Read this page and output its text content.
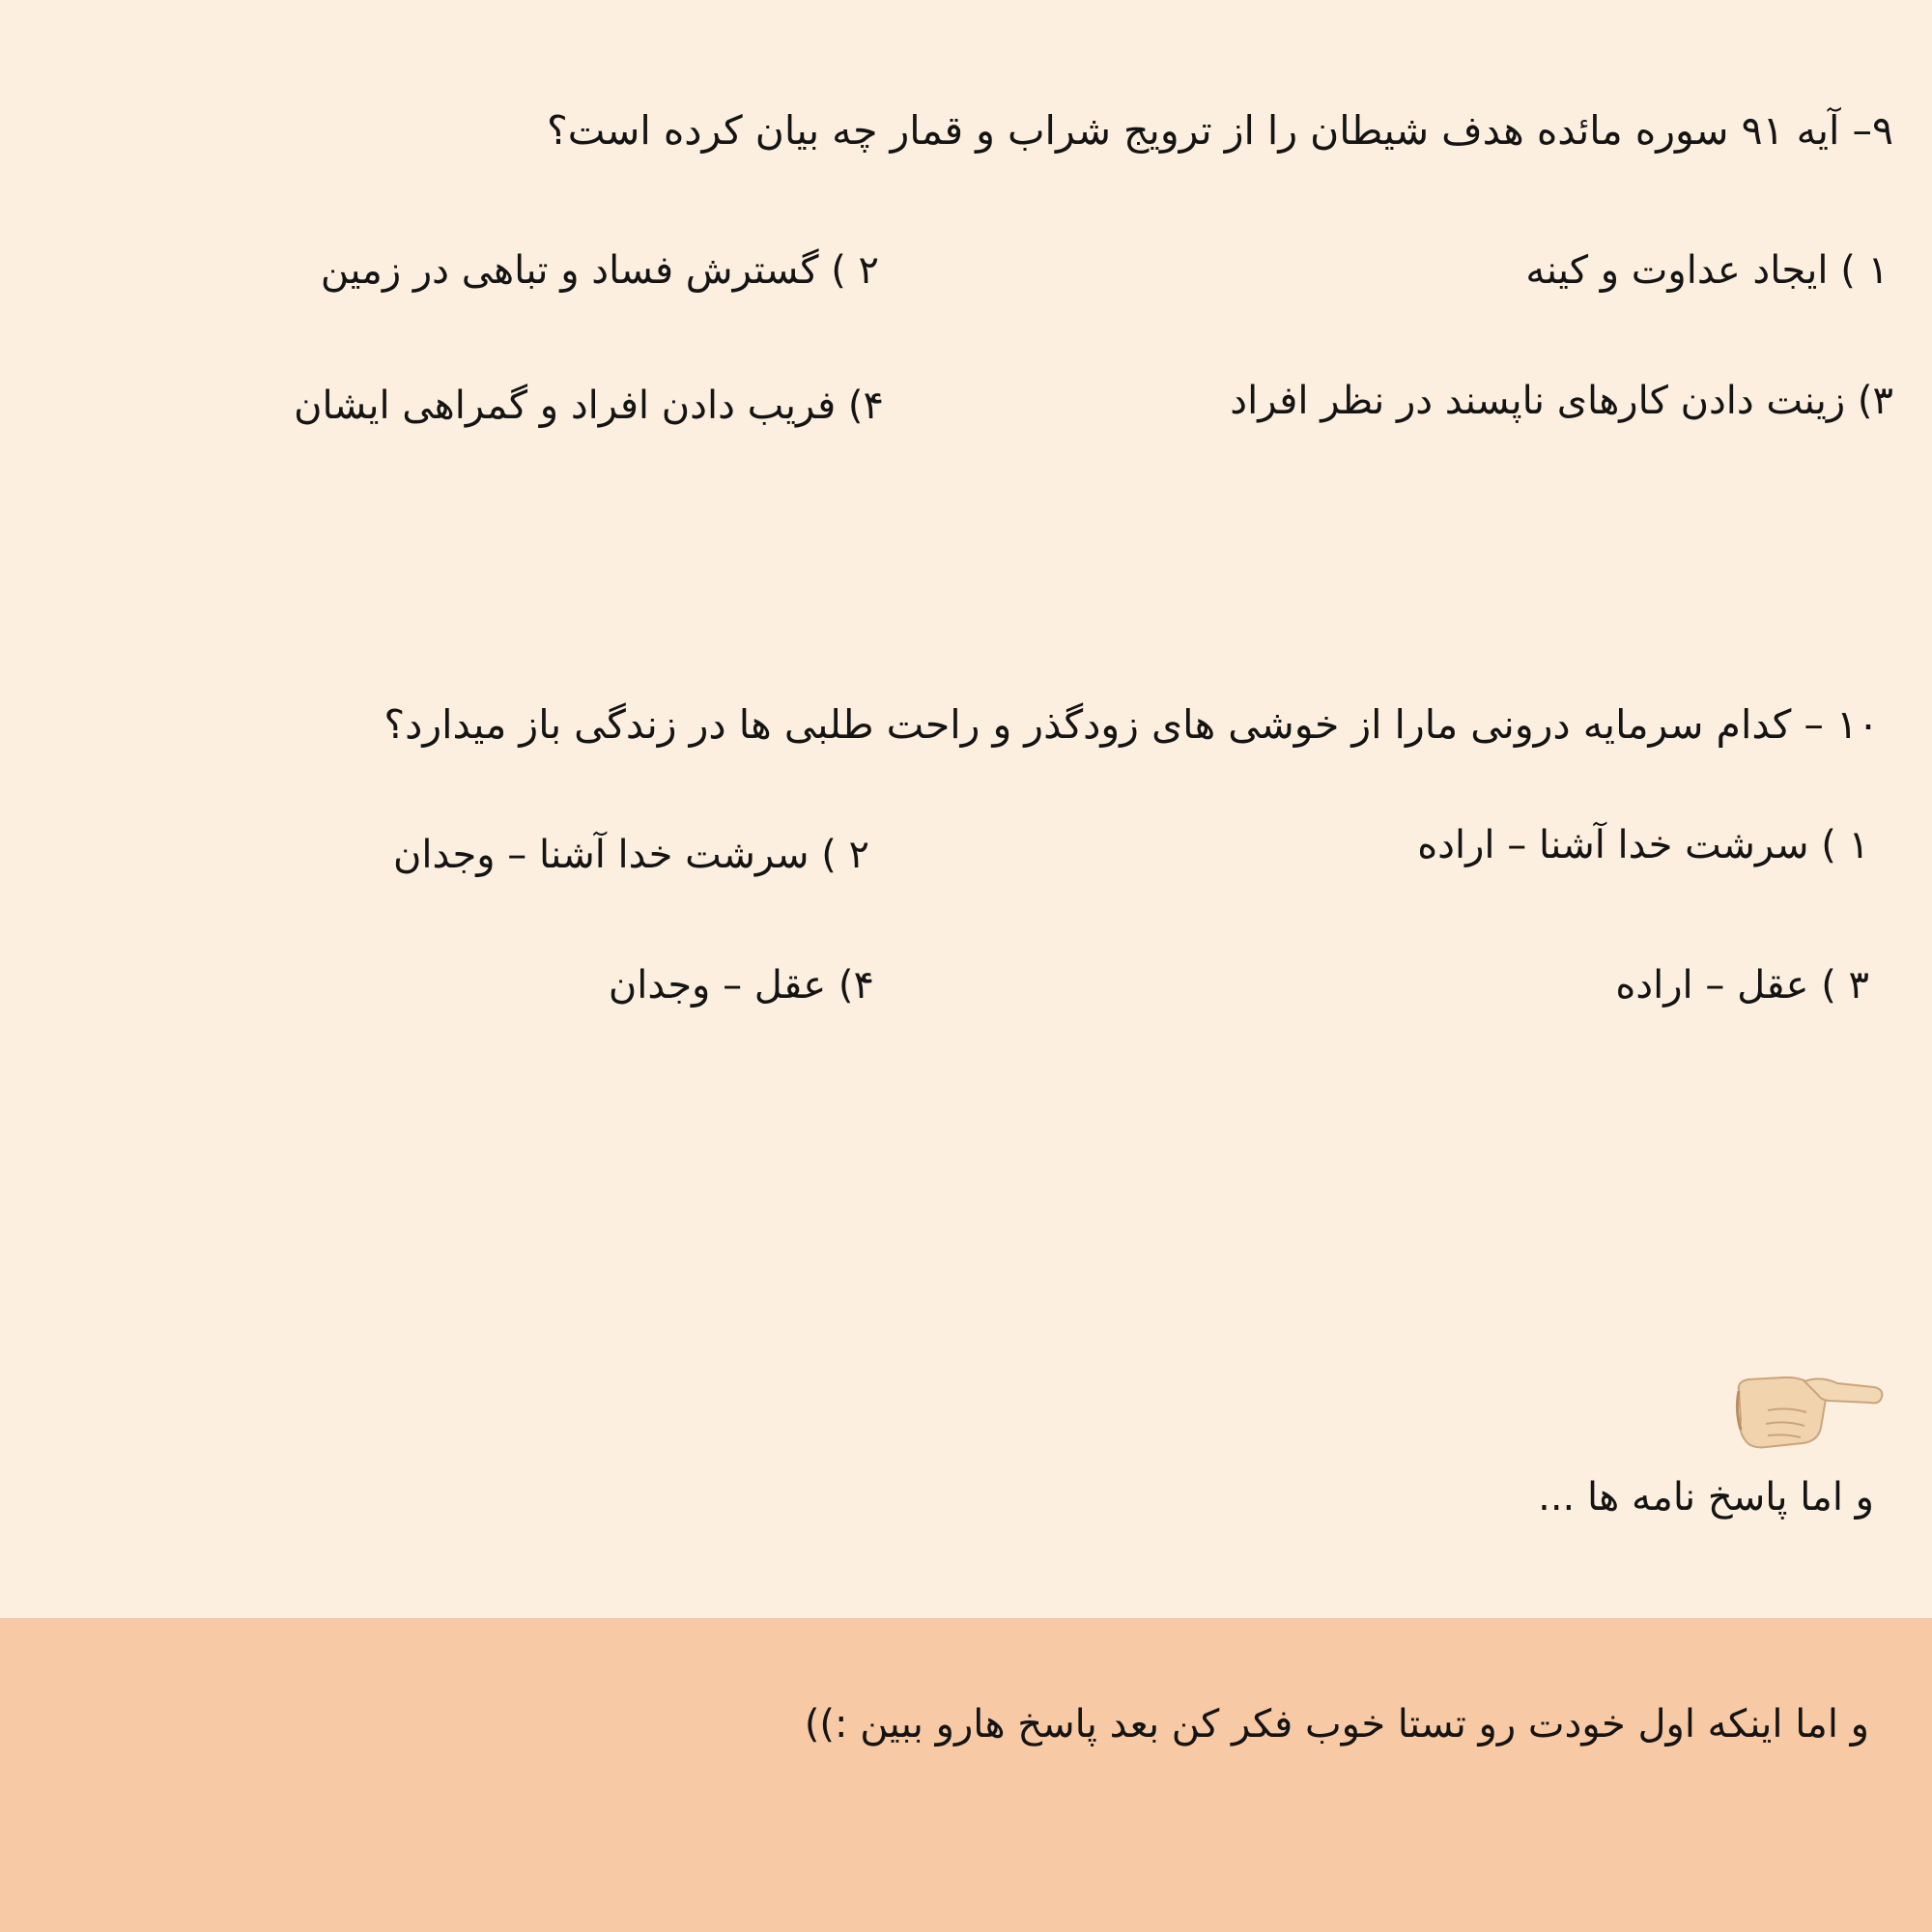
۹– آیه ۹۱ سوره مائده هدف شیطان را از ترویج شراب و قمار چه بیان کرده است؟
۱ ) ایجاد عداوت و کینه
۲ ) گسترش فساد و تباهی در زمین
۳) زینت دادن کارهای ناپسند در نظر افراد
۴) فریب دادن افراد و گمراهی ایشان
۱۰ – کدام سرمایه درونی مارا از خوشی های زودگذر و راحت طلبی ها در زندگی باز میدارد؟
۱ ) سرشت خدا آشنا – اراده
۲ ) سرشت خدا آشنا – وجدان
۳ ) عقل – اراده
۴) عقل – وجدان
و اما پاسخ نامه ها ...
و اما اینکه اول خودت رو تستا خوب فکر کن بعد پاسخ هارو ببین :))
